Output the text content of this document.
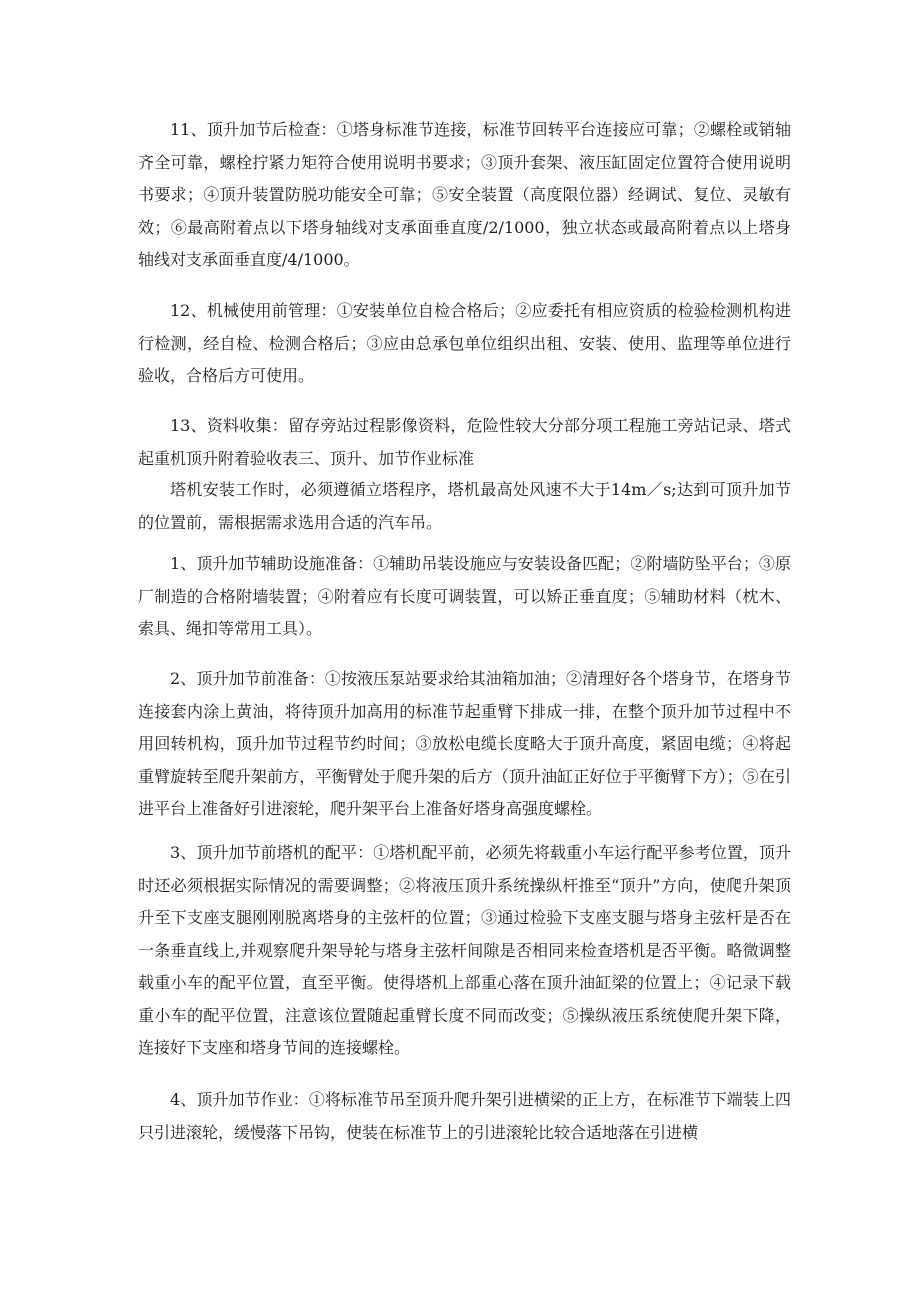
11、顶升加节后检查：①塔身标准节连接，标准节回转平台连接应可靠；②螺栓或销轴齐全可靠，螺栓拧紧力矩符合使用说明书要求；③顶升套架、液压缸固定位置符合使用说明书要求；④顶升装置防脱功能安全可靠；⑤安全装置（高度限位器）经调试、复位、灵敏有效；⑥最高附着点以下塔身轴线对支承面垂直度/2/1000，独立状态或最高附着点以上塔身轴线对支承面垂直度/4/1000。

12、机械使用前管理：①安装单位自检合格后；②应委托有相应资质的检验检测机构进行检测，经自检、检测合格后；③应由总承包单位组织出租、安装、使用、监理等单位进行验收，合格后方可使用。

13、资料收集：留存旁站过程影像资料，危险性较大分部分项工程施工旁站记录、塔式起重机顶升附着验收表三、顶升、加节作业标准

塔机安装工作时，必须遵循立塔程序，塔机最高处风速不大于14m／s;达到可顶升加节的位置前，需根据需求选用合适的汽车吊。

1、顶升加节辅助设施准备：①辅助吊装设施应与安装设备匹配；②附墙防坠平台；③原厂制造的合格附墙装置；④附着应有长度可调装置，可以矫正垂直度；⑤辅助材料（枕木、索具、绳扣等常用工具）。

2、顶升加节前准备：①按液压泵站要求给其油箱加油；②清理好各个塔身节，在塔身节连接套内涂上黄油，将待顶升加高用的标准节起重臂下排成一排，在整个顶升加节过程中不用回转机构，顶升加节过程节约时间；③放松电缆长度略大于顶升高度，紧固电缆；④将起重臂旋转至爬升架前方，平衡臂处于爬升架的后方（顶升油缸正好位于平衡臂下方）；⑤在引进平台上准备好引进滚轮，爬升架平台上准备好塔身高强度螺栓。

3、顶升加节前塔机的配平：①塔机配平前，必须先将载重小车运行配平参考位置，顶升时还必须根据实际情况的需要调整；②将液压顶升系统操纵杆推至“顶升”方向，使爬升架顶升至下支座支腿刚刚脱离塔身的主弦杆的位置；③通过检验下支座支腿与塔身主弦杆是否在一条垂直线上,并观察爬升架导轮与塔身主弦杆间隙是否相同来检查塔机是否平衡。略微调整载重小车的配平位置，直至平衡。使得塔机上部重心落在顶升油缸梁的位置上；④记录下载重小车的配平位置，注意该位置随起重臂长度不同而改变；⑤操纵液压系统使爬升架下降，连接好下支座和塔身节间的连接螺栓。

4、顶升加节作业：①将标准节吊至顶升爬升架引进横梁的正上方，在标准节下端装上四只引进滚轮，缓慢落下吊钩，使装在标准节上的引进滚轮比较合适地落在引进横
